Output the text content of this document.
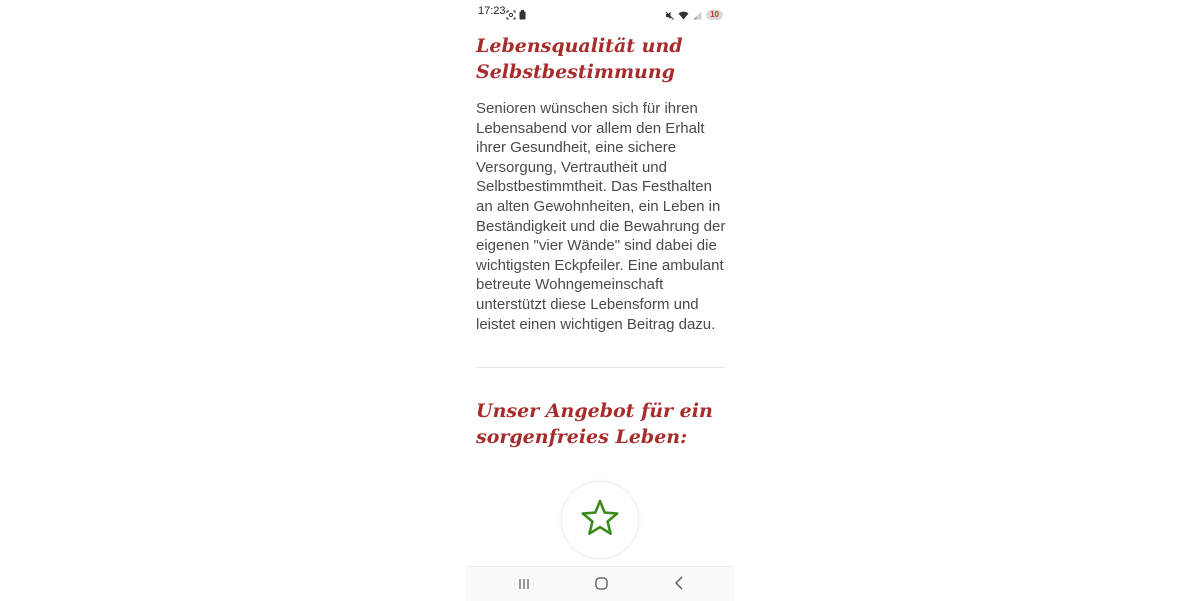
17:23	10
Lebensqualität und Selbstbestimmung

Senioren wünschen sich für ihren Lebensabend vor allem den Erhalt ihrer Gesundheit, eine sichere Versorgung, Vertrautheit und Selbstbestimmtheit. Das Festhalten an alten Gewohnheiten, ein Leben in Beständigkeit und die Bewahrung der eigenen "vier Wände" sind dabei die wichtigsten Eckpfeiler. Eine ambulant betreute Wohngemeinschaft unterstützt diese Lebensform und leistet einen wichtigen Beitrag dazu.

Unser Angebot für ein sorgenfreies Leben:
